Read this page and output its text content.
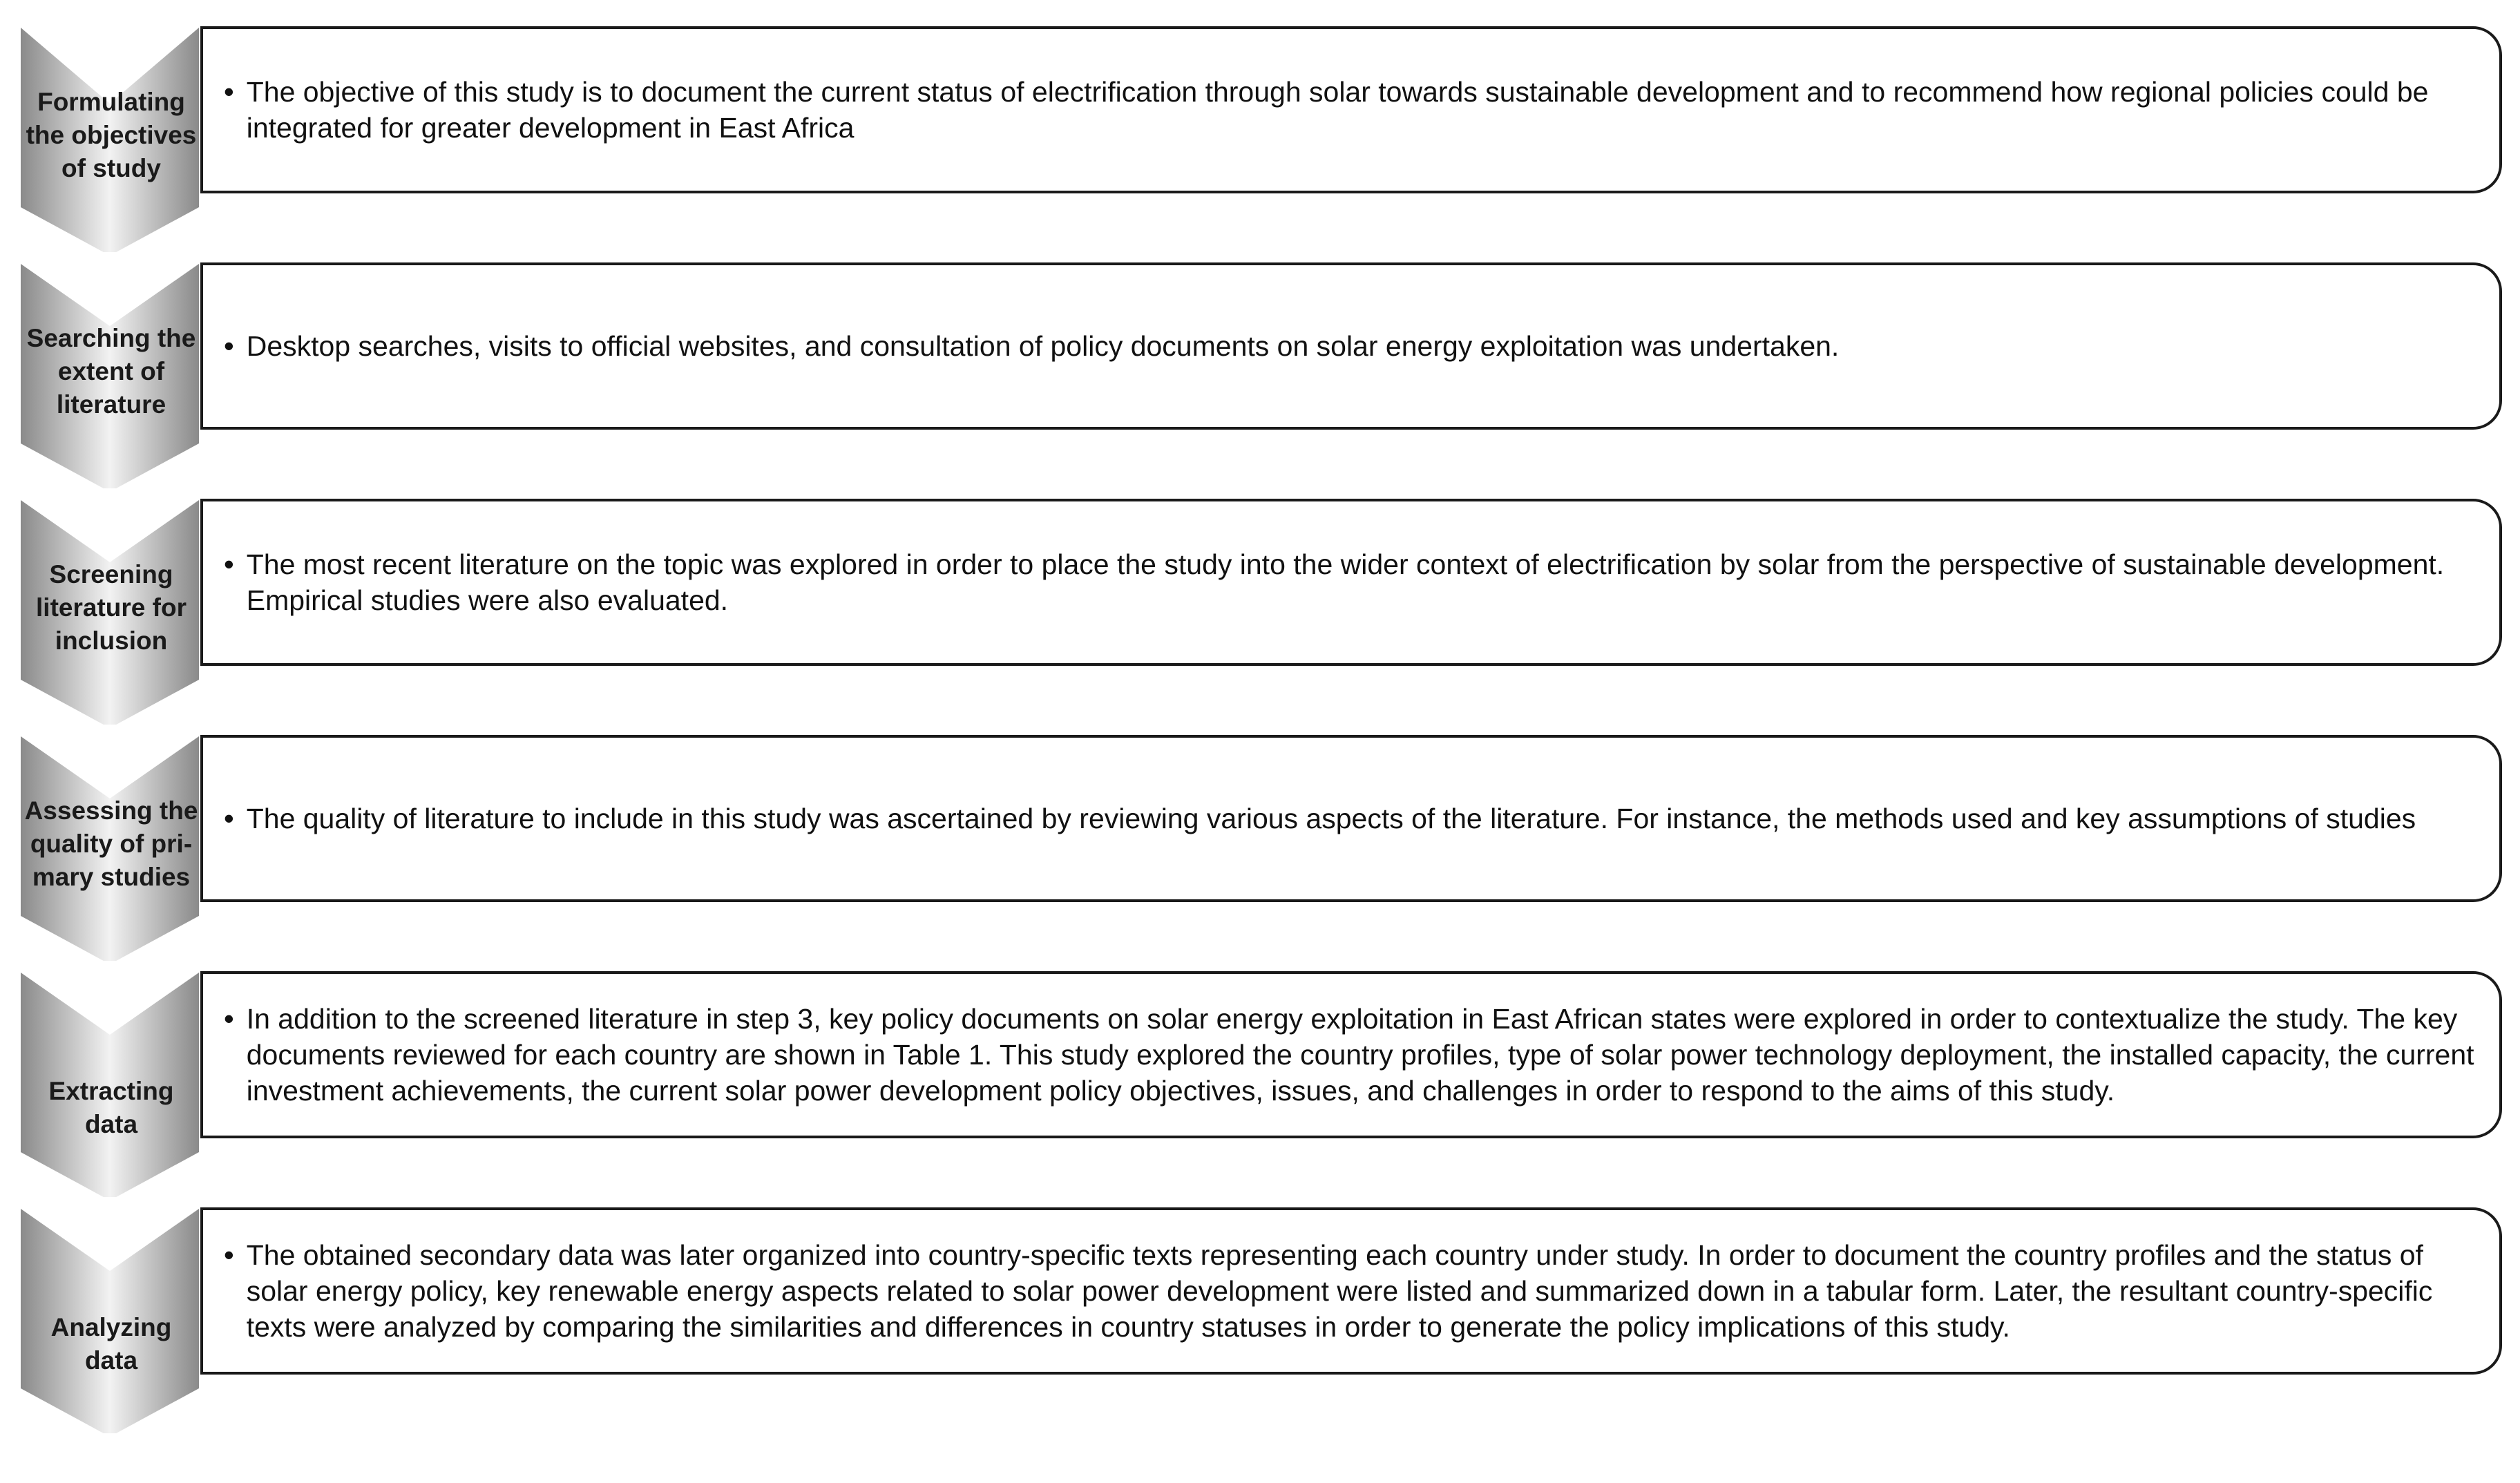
Formulating
the objectives
of study
• The objective of this study is to document the current status of electrification through solar towards sustainable development and to recommend how regional policies could be integrated for greater development in East Africa
Searching the
extent of
literature
• Desktop searches, visits to official websites, and consultation of policy documents on solar energy exploitation was undertaken.
Screening
literature for
inclusion
• The most recent literature on the topic was explored in order to place the study into the wider context of electrification by solar from the perspective of sustainable development. Empirical studies were also evaluated.
Assessing the
quality of pri-
mary studies
• The quality of literature to include in this study was ascertained by reviewing various aspects of the literature. For instance, the methods used and key assumptions of studies
Extracting
data
• In addition to the screened literature in step 3, key policy documents on solar energy exploitation in East African states were explored in order to contextualize the study. The key documents reviewed for each country are shown in Table 1. This study explored the country profiles, type of solar power technology deployment, the installed capacity, the current investment achievements, the current solar power development policy objectives, issues, and challenges in order to respond to the aims of this study.
Analyzing
data
• The obtained secondary data was later organized into country-specific texts representing each country under study. In order to document the country profiles and the status of solar energy policy, key renewable energy aspects related to solar power development were listed and summarized down in a tabular form. Later, the resultant country-specific texts were analyzed by comparing the similarities and differences in country statuses in order to generate the policy implications of this study.
